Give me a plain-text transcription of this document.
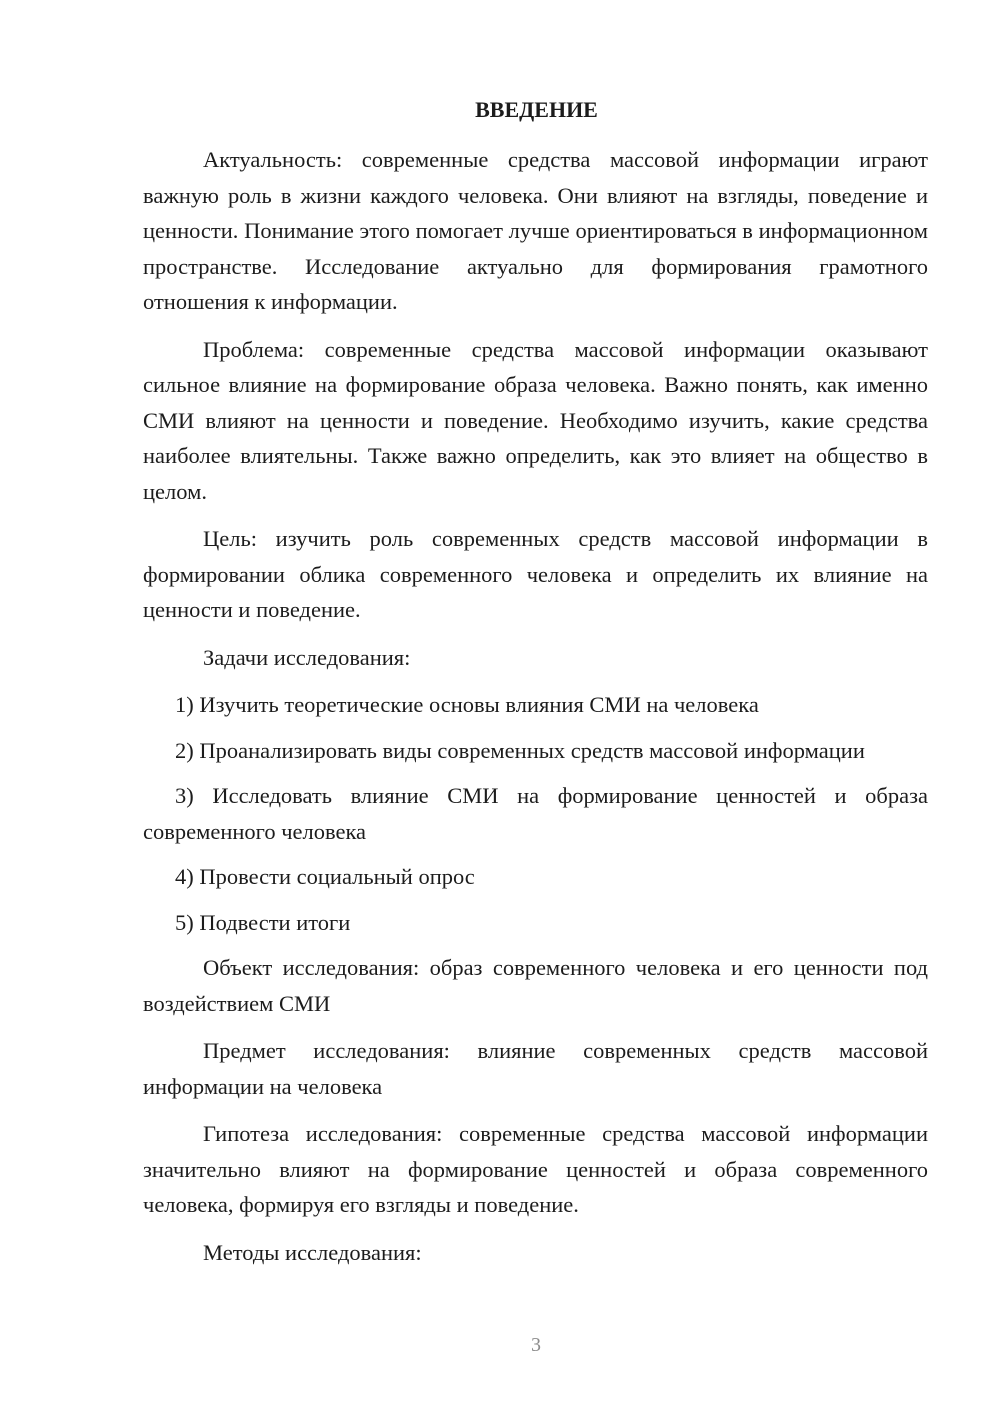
ВВЕДЕНИЕ

Актуальность: современные средства массовой информации играют важную роль в жизни каждого человека. Они влияют на взгляды, поведение и ценности. Понимание этого помогает лучше ориентироваться в информационном пространстве. Исследование актуально для формирования грамотного отношения к информации.

Проблема: современные средства массовой информации оказывают сильное влияние на формирование образа человека. Важно понять, как именно СМИ влияют на ценности и поведение. Необходимо изучить, какие средства наиболее влиятельны. Также важно определить, как это влияет на общество в целом.

Цель: изучить роль современных средств массовой информации в формировании облика современного человека и определить их влияние на ценности и поведение.

Задачи исследования:

1) Изучить теоретические основы влияния СМИ на человека

2) Проанализировать виды современных средств массовой информации

3) Исследовать влияние СМИ на формирование ценностей и образа современного человека

4) Провести социальный опрос

5) Подвести итоги

Объект исследования: образ современного человека и его ценности под воздействием СМИ

Предмет исследования: влияние современных средств массовой информации на человека

Гипотеза исследования: современные средства массовой информации значительно влияют на формирование ценностей и образа современного человека, формируя его взгляды и поведение.

Методы исследования:

3
